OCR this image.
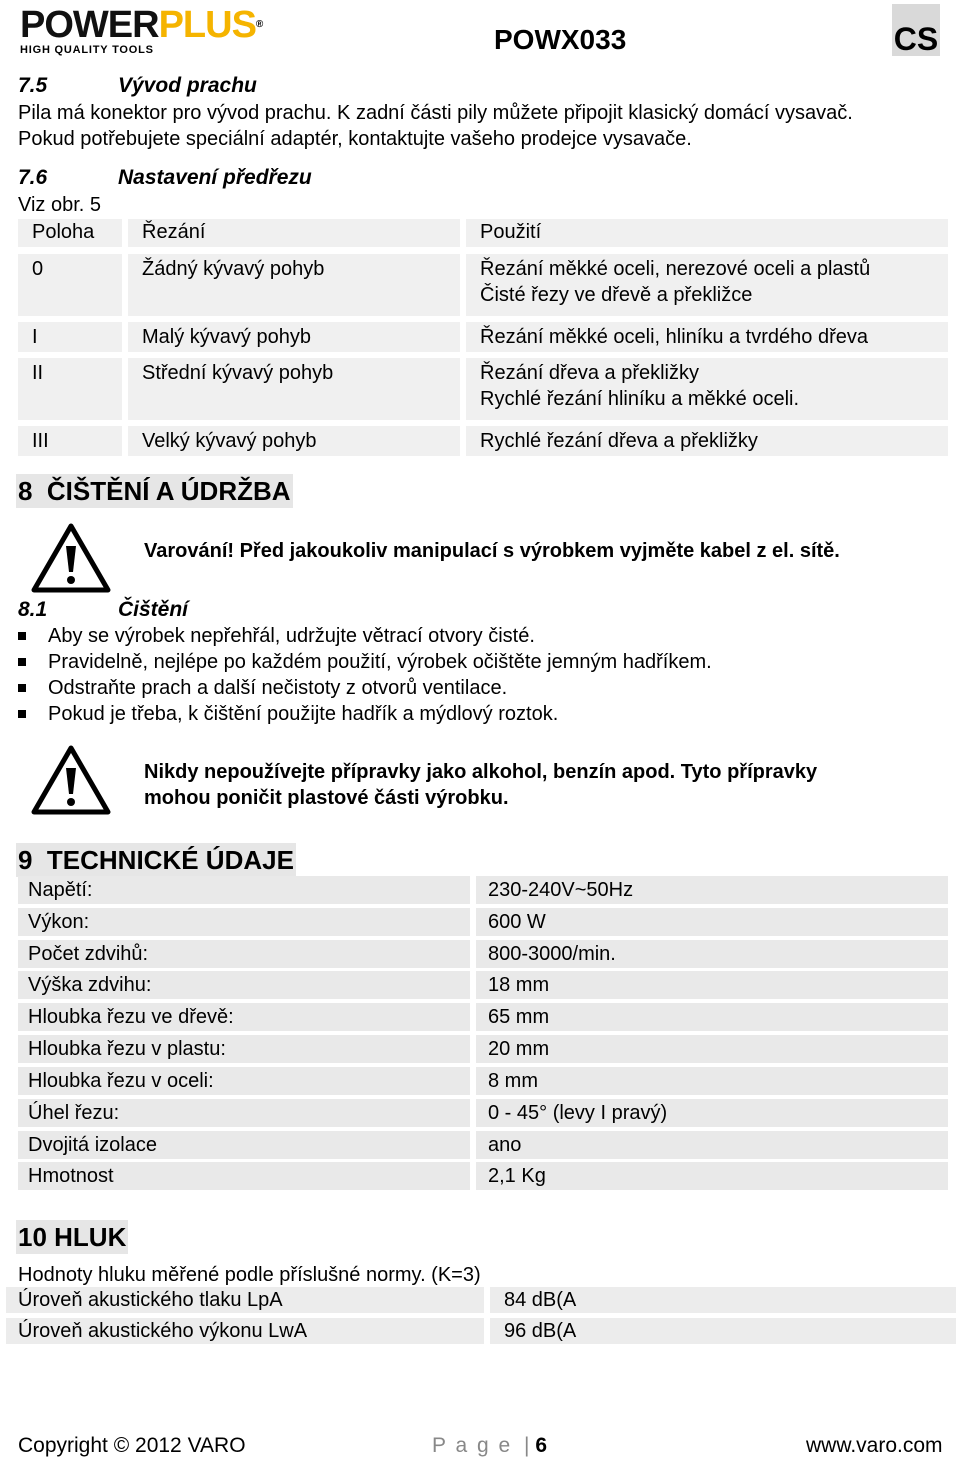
POWERPLUS®
HIGH QUALITY TOOLS	POWX033	CS
7.5	Vývod prachu
Pila má konektor pro vývod prachu. K zadní části pily můžete připojit klasický domácí vysavač.
Pokud potřebujete speciální adaptér, kontaktujte vašeho prodejce vysavače.
7.6	Nastavení předřezu
Viz obr. 5
Poloha	Řezání	Použití
0	Žádný kývavý pohyb	Řezání měkké oceli, nerezové oceli a plastů
Čisté řezy ve dřevě a překližce
I	Malý kývavý pohyb	Řezání měkké oceli, hliníku a tvrdého dřeva
II	Střední kývavý pohyb	Řezání dřeva a překližky
Rychlé řezání hliníku a měkké oceli.
III	Velký kývavý pohyb	Rychlé řezání dřeva a překližky
8  ČIŠTĚNÍ A ÚDRŽBA
Varování! Před jakoukoliv manipulací s výrobkem vyjměte kabel z el. sítě.
8.1	Čištění
Aby se výrobek nepřehřál, udržujte větrací otvory čisté.
Pravidelně, nejlépe po každém použití, výrobek očištěte jemným hadříkem.
Odstraňte prach a další nečistoty z otvorů ventilace.
Pokud je třeba, k čištění použijte hadřík a mýdlový roztok.
Nikdy nepoužívejte přípravky jako alkohol, benzín apod. Tyto přípravky
mohou poničit plastové části výrobku.
9  TECHNICKÉ ÚDAJE
Napětí:	230-240V~50Hz
Výkon:	600 W
Počet zdvihů:	800-3000/min.
Výška zdvihu:	18 mm
Hloubka řezu ve dřevě:	65 mm
Hloubka řezu v plastu:	20 mm
Hloubka řezu v oceli:	8 mm
Úhel řezu:	0 - 45° (levy I pravý)
Dvojitá izolace	ano
Hmotnost	2,1 Kg
10 HLUK
Hodnoty hluku měřené podle příslušné normy. (K=3)
Úroveň akustického tlaku LpA	84 dB(A
Úroveň akustického výkonu LwA	96 dB(A
Copyright © 2012 VARO	P a g e | 6	www.varo.com
